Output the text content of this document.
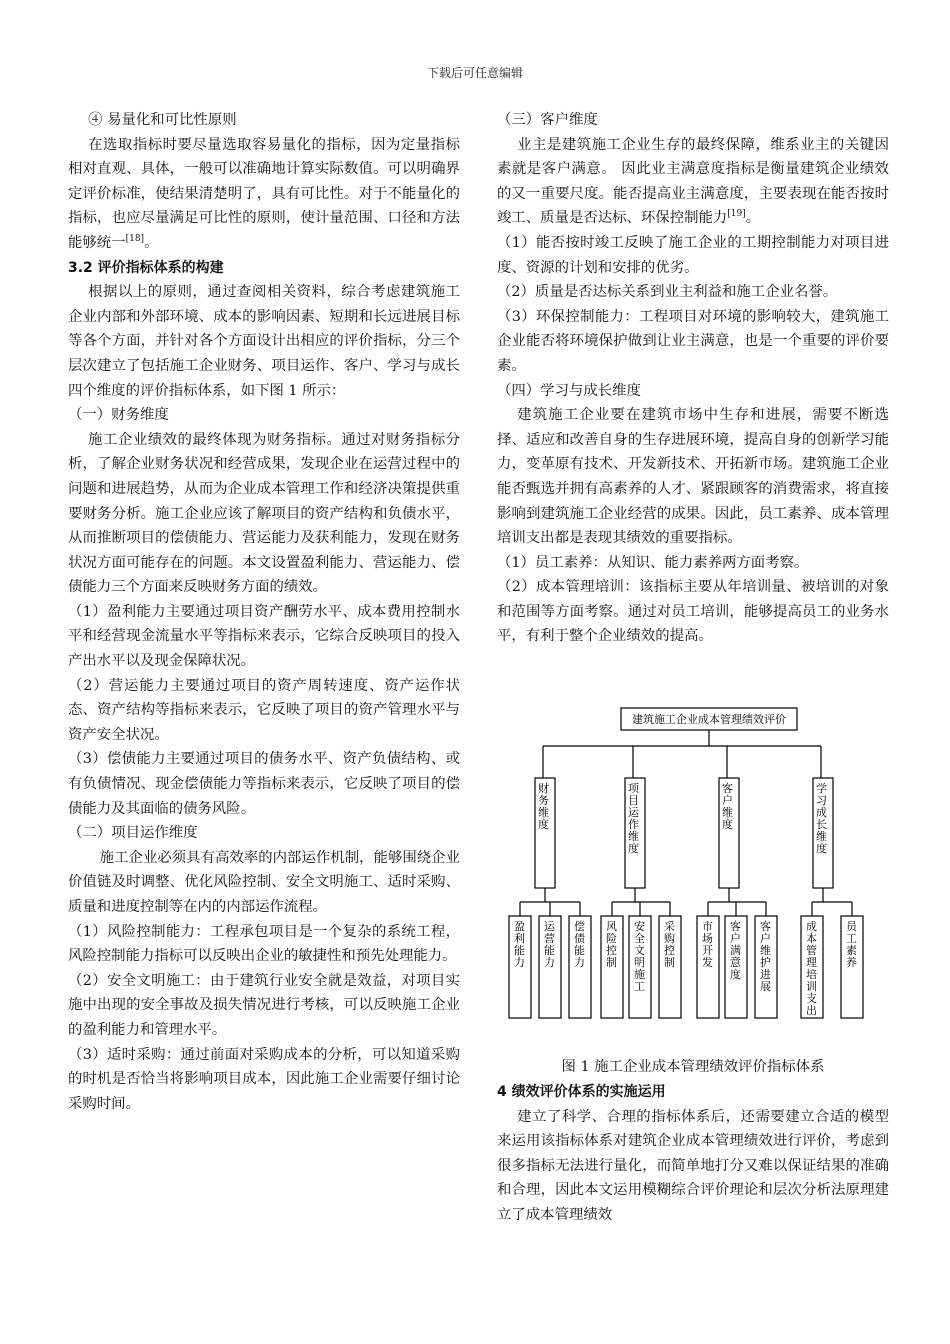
下载后可任意编辑

④ 易量化和可比性原则

在选取指标时要尽量选取容易量化的指标，因为定量指标相对直观、具体，一般可以准确地计算实际数值。可以明确界定评价标准，使结果清楚明了，具有可比性。对于不能量化的指标，也应尽量满足可比性的原则，使计量范围、口径和方法能够统一[18]。

3.2 评价指标体系的构建

根据以上的原则，通过查阅相关资料，综合考虑建筑施工企业内部和外部环境、成本的影响因素、短期和长远进展目标等各个方面，并针对各个方面设计出相应的评价指标，分三个层次建立了包括施工企业财务、项目运作、客户、学习与成长四个维度的评价指标体系，如下图 1 所示：

（一）财务维度

施工企业绩效的最终体现为财务指标。通过对财务指标分析，了解企业财务状况和经营成果，发现企业在运营过程中的问题和进展趋势，从而为企业成本管理工作和经济决策提供重要财务分析。施工企业应该了解项目的资产结构和负债水平，从而推断项目的偿债能力、营运能力及获利能力，发现在财务状况方面可能存在的问题。本文设置盈利能力、营运能力、偿债能力三个方面来反映财务方面的绩效。

（1）盈利能力主要通过项目资产酬劳水平、成本费用控制水平和经营现金流量水平等指标来表示，它综合反映项目的投入产出水平以及现金保障状况。

（2）营运能力主要通过项目的资产周转速度、资产运作状态、资产结构等指标来表示，它反映了项目的资产管理水平与资产安全状况。

（3）偿债能力主要通过项目的债务水平、资产负债结构、或有负债情况、现金偿债能力等指标来表示，它反映了项目的偿债能力及其面临的债务风险。

（二）项目运作维度

施工企业必须具有高效率的内部运作机制，能够围绕企业价值链及时调整、优化风险控制、安全文明施工、适时采购、质量和进度控制等在内的内部运作流程。

（1）风险控制能力：工程承包项目是一个复杂的系统工程，风险控制能力指标可以反映出企业的敏捷性和预先处理能力。

（2）安全文明施工：由于建筑行业安全就是效益，对项目实施中出现的安全事故及损失情况进行考核，可以反映施工企业的盈利能力和管理水平。

（3）适时采购：通过前面对采购成本的分析，可以知道采购的时机是否恰当将影响项目成本，因此施工企业需要仔细讨论采购时间。

（三）客户维度

业主是建筑施工企业生存的最终保障，维系业主的关键因素就是客户满意。 因此业主满意度指标是衡量建筑企业绩效的又一重要尺度。能否提高业主满意度，主要表现在能否按时竣工、质量是否达标、环保控制能力[19]。

（1）能否按时竣工反映了施工企业的工期控制能力对项目进度、资源的计划和安排的优劣。

（2）质量是否达标关系到业主利益和施工企业名誉。

（3）环保控制能力：工程项目对环境的影响较大，建筑施工企业能否将环境保护做到让业主满意，也是一个重要的评价要素。

（四）学习与成长维度

建筑施工企业要在建筑市场中生存和进展，需要不断选择、适应和改善自身的生存进展环境，提高自身的创新学习能力，变革原有技术、开发新技术、开拓新市场。建筑施工企业能否甄选并拥有高素养的人才、紧跟顾客的消费需求，将直接影响到建筑施工企业经营的成果。因此，员工素养、成本管理培训支出都是表现其绩效的重要指标。

（1）员工素养：从知识、能力素养两方面考察。

（2）成本管理培训：该指标主要从年培训量、被培训的对象和范围等方面考察。通过对员工培训，能够提高员工的业务水平，有利于整个企业绩效的提高。

建筑施工企业成本管理绩效评价
财务维度
项目运作维度
客户维度
学习成长维度
盈利能力
运营能力
偿债能力
风险控制
安全文明施工
采购控制
市场开发
客户满意度
客户维护进展
成本管理培训支出
员工素养
图 1 施工企业成本管理绩效评价指标体系

4 绩效评价体系的实施运用

建立了科学、合理的指标体系后，还需要建立合适的模型来运用该指标体系对建筑企业成本管理绩效进行评价，考虑到很多指标无法进行量化，而简单地打分又难以保证结果的准确和合理，因此本文运用模糊综合评价理论和层次分析法原理建立了成本管理绩效
